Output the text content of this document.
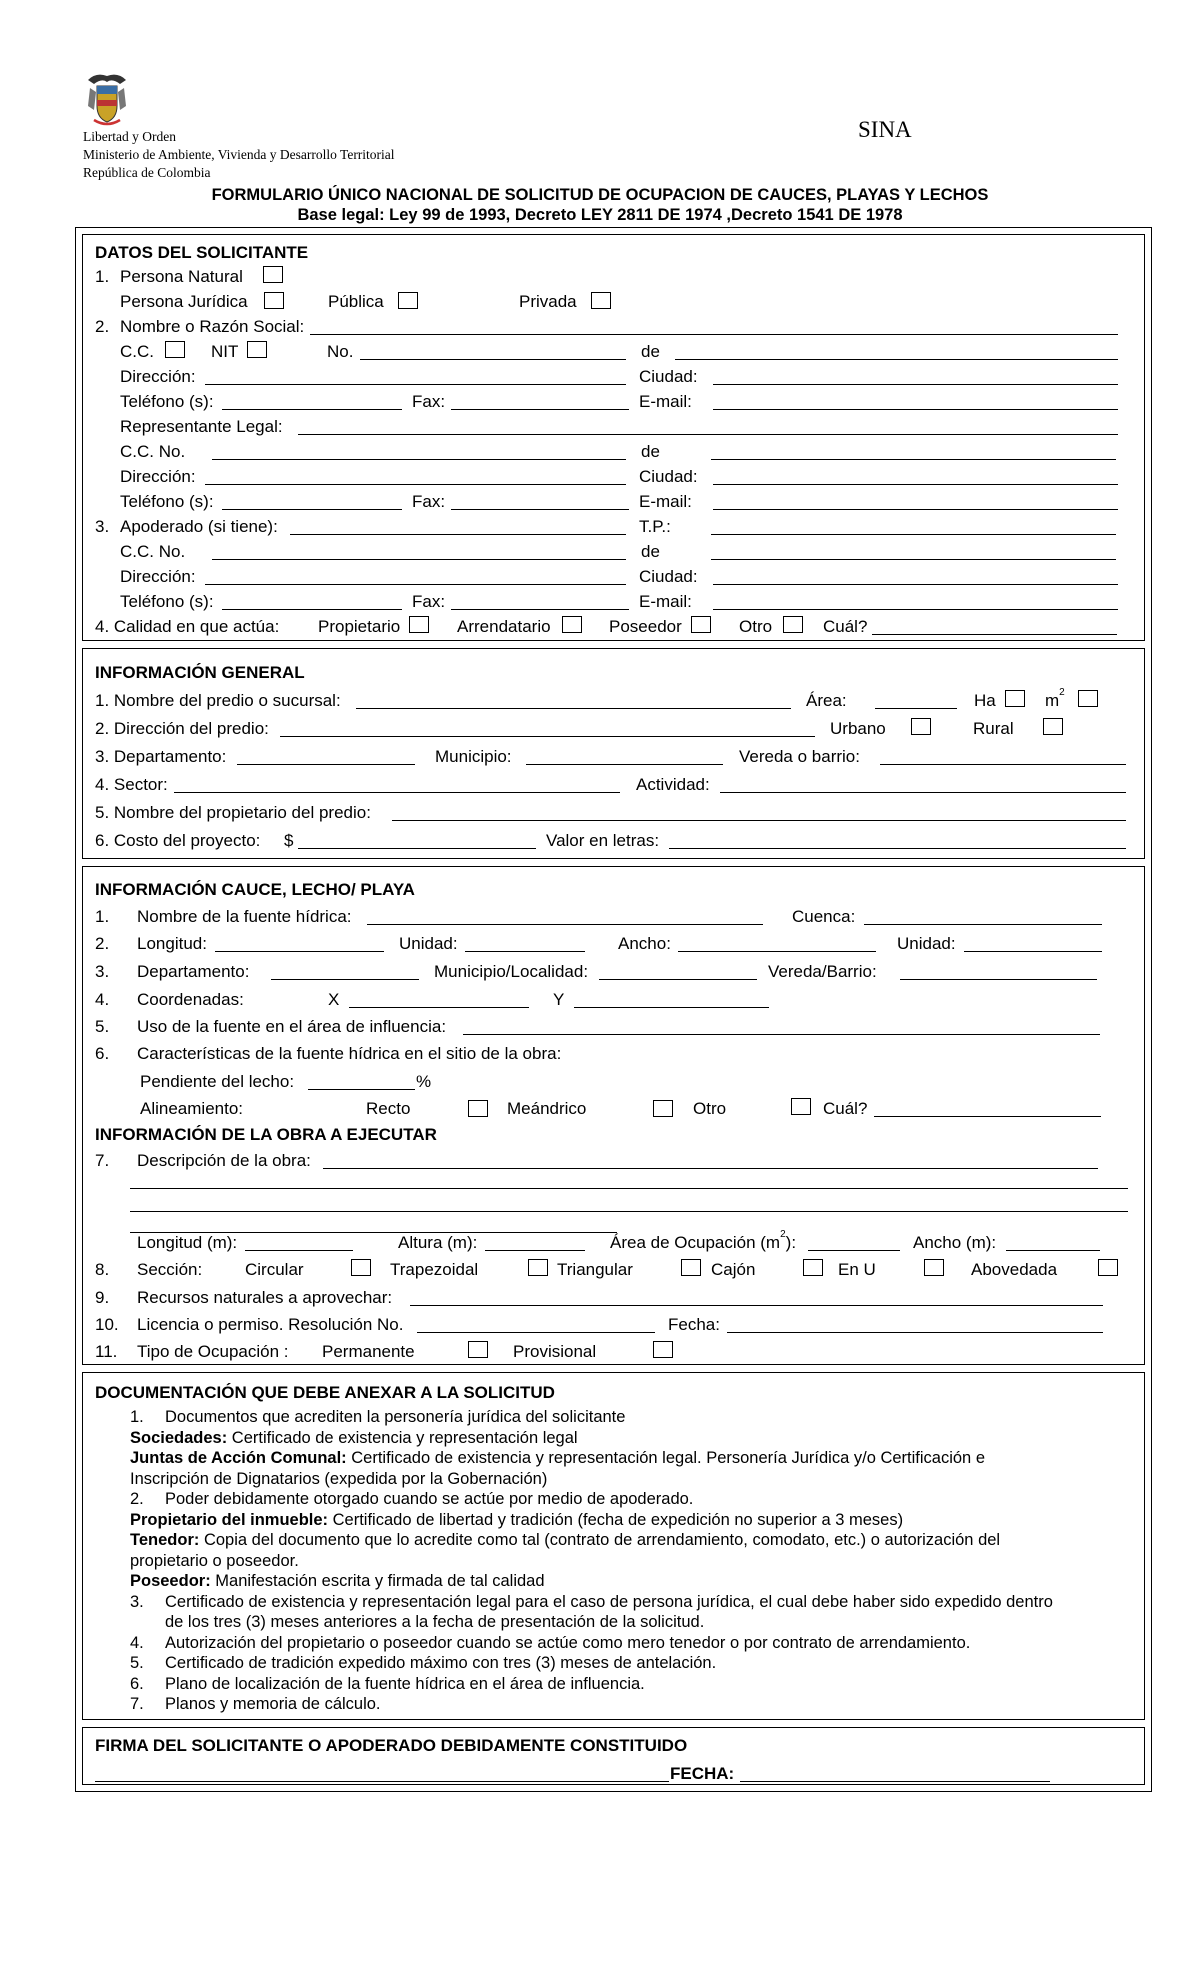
Libertad y Orden
Ministerio de Ambiente, Vivienda y Desarrollo Territorial
República de Colombia
SINA
FORMULARIO ÚNICO NACIONAL DE SOLICITUD DE OCUPACION DE CAUCES, PLAYAS Y LECHOS
Base legal: Ley 99 de 1993, Decreto LEY 2811 DE 1974 ,Decreto 1541 DE 1978
DATOS DEL SOLICITANTE
1. Persona Natural
Persona Jurídica	Pública	Privada
2. Nombre o Razón Social:
C.C.	NIT	No.	de
Dirección:	Ciudad:
Teléfono (s):	Fax:	E-mail:
Representante Legal:
C.C. No.	de
Dirección:	Ciudad:
Teléfono (s):	Fax:	E-mail:
3. Apoderado (si tiene):	T.P.:
C.C. No.	de
Dirección:	Ciudad:
Teléfono (s):	Fax:	E-mail:
4. Calidad en que actúa: Propietario	Arrendatario	Poseedor	Otro	Cuál?
INFORMACIÓN GENERAL
1. Nombre del predio o sucursal:	Área:	Ha	$m^2$
2. Dirección del predio:	Urbano	Rural
3. Departamento:	Municipio:	Vereda o barrio:
4. Sector:	Actividad:
5. Nombre del propietario del predio:
6. Costo del proyecto: $	Valor en letras:
INFORMACIÓN CAUCE, LECHO/ PLAYA
1. Nombre de la fuente hídrica:	Cuenca:
2. Longitud:	Unidad:	Ancho:	Unidad:
3. Departamento:	Municipio/Localidad:	Vereda/Barrio:
4. Coordenadas:	X	Y
5. Uso de la fuente en el área de influencia:
6. Características de la fuente hídrica en el sitio de la obra:
Pendiente del lecho:	%
Alineamiento:	Recto	Meándrico	Otro	Cuál?
INFORMACIÓN DE LA OBRA A EJECUTAR
7. Descripción de la obra:
Longitud (m):	Altura (m):	Área de Ocupación $(m^2)$:	Ancho (m):
8. Sección:	Circular	Trapezoidal	Triangular	Cajón	En U	Abovedada
9. Recursos naturales a aprovechar:
10. Licencia o permiso. Resolución No.	Fecha:
11. Tipo de Ocupación : Permanente	Provisional
DOCUMENTACIÓN QUE DEBE ANEXAR A LA SOLICITUD
1. Documentos que acrediten la personería jurídica del solicitante
Sociedades: Certificado de existencia y representación legal
Juntas de Acción Comunal: Certificado de existencia y representación legal. Personería Jurídica y/o Certificación e
Inscripción de Dignatarios (expedida por la Gobernación)
2. Poder debidamente otorgado cuando se actúe por medio de apoderado.
Propietario del inmueble: Certificado de libertad y tradición (fecha de expedición no superior a 3 meses)
Tenedor: Copia del documento que lo acredite como tal (contrato de arrendamiento, comodato, etc.) o autorización del
propietario o poseedor.
Poseedor: Manifestación escrita y firmada de tal calidad
3. Certificado de existencia y representación legal para el caso de persona jurídica, el cual debe haber sido expedido dentro
de los tres (3) meses anteriores a la fecha de presentación de la solicitud.
4. Autorización del propietario o poseedor cuando se actúe como mero tenedor o por contrato de arrendamiento.
5. Certificado de tradición expedido máximo con tres (3) meses de antelación.
6. Plano de localización de la fuente hídrica en el área de influencia.
7. Planos y memoria de cálculo.
FIRMA DEL SOLICITANTE O APODERADO DEBIDAMENTE CONSTITUIDO
FECHA:
